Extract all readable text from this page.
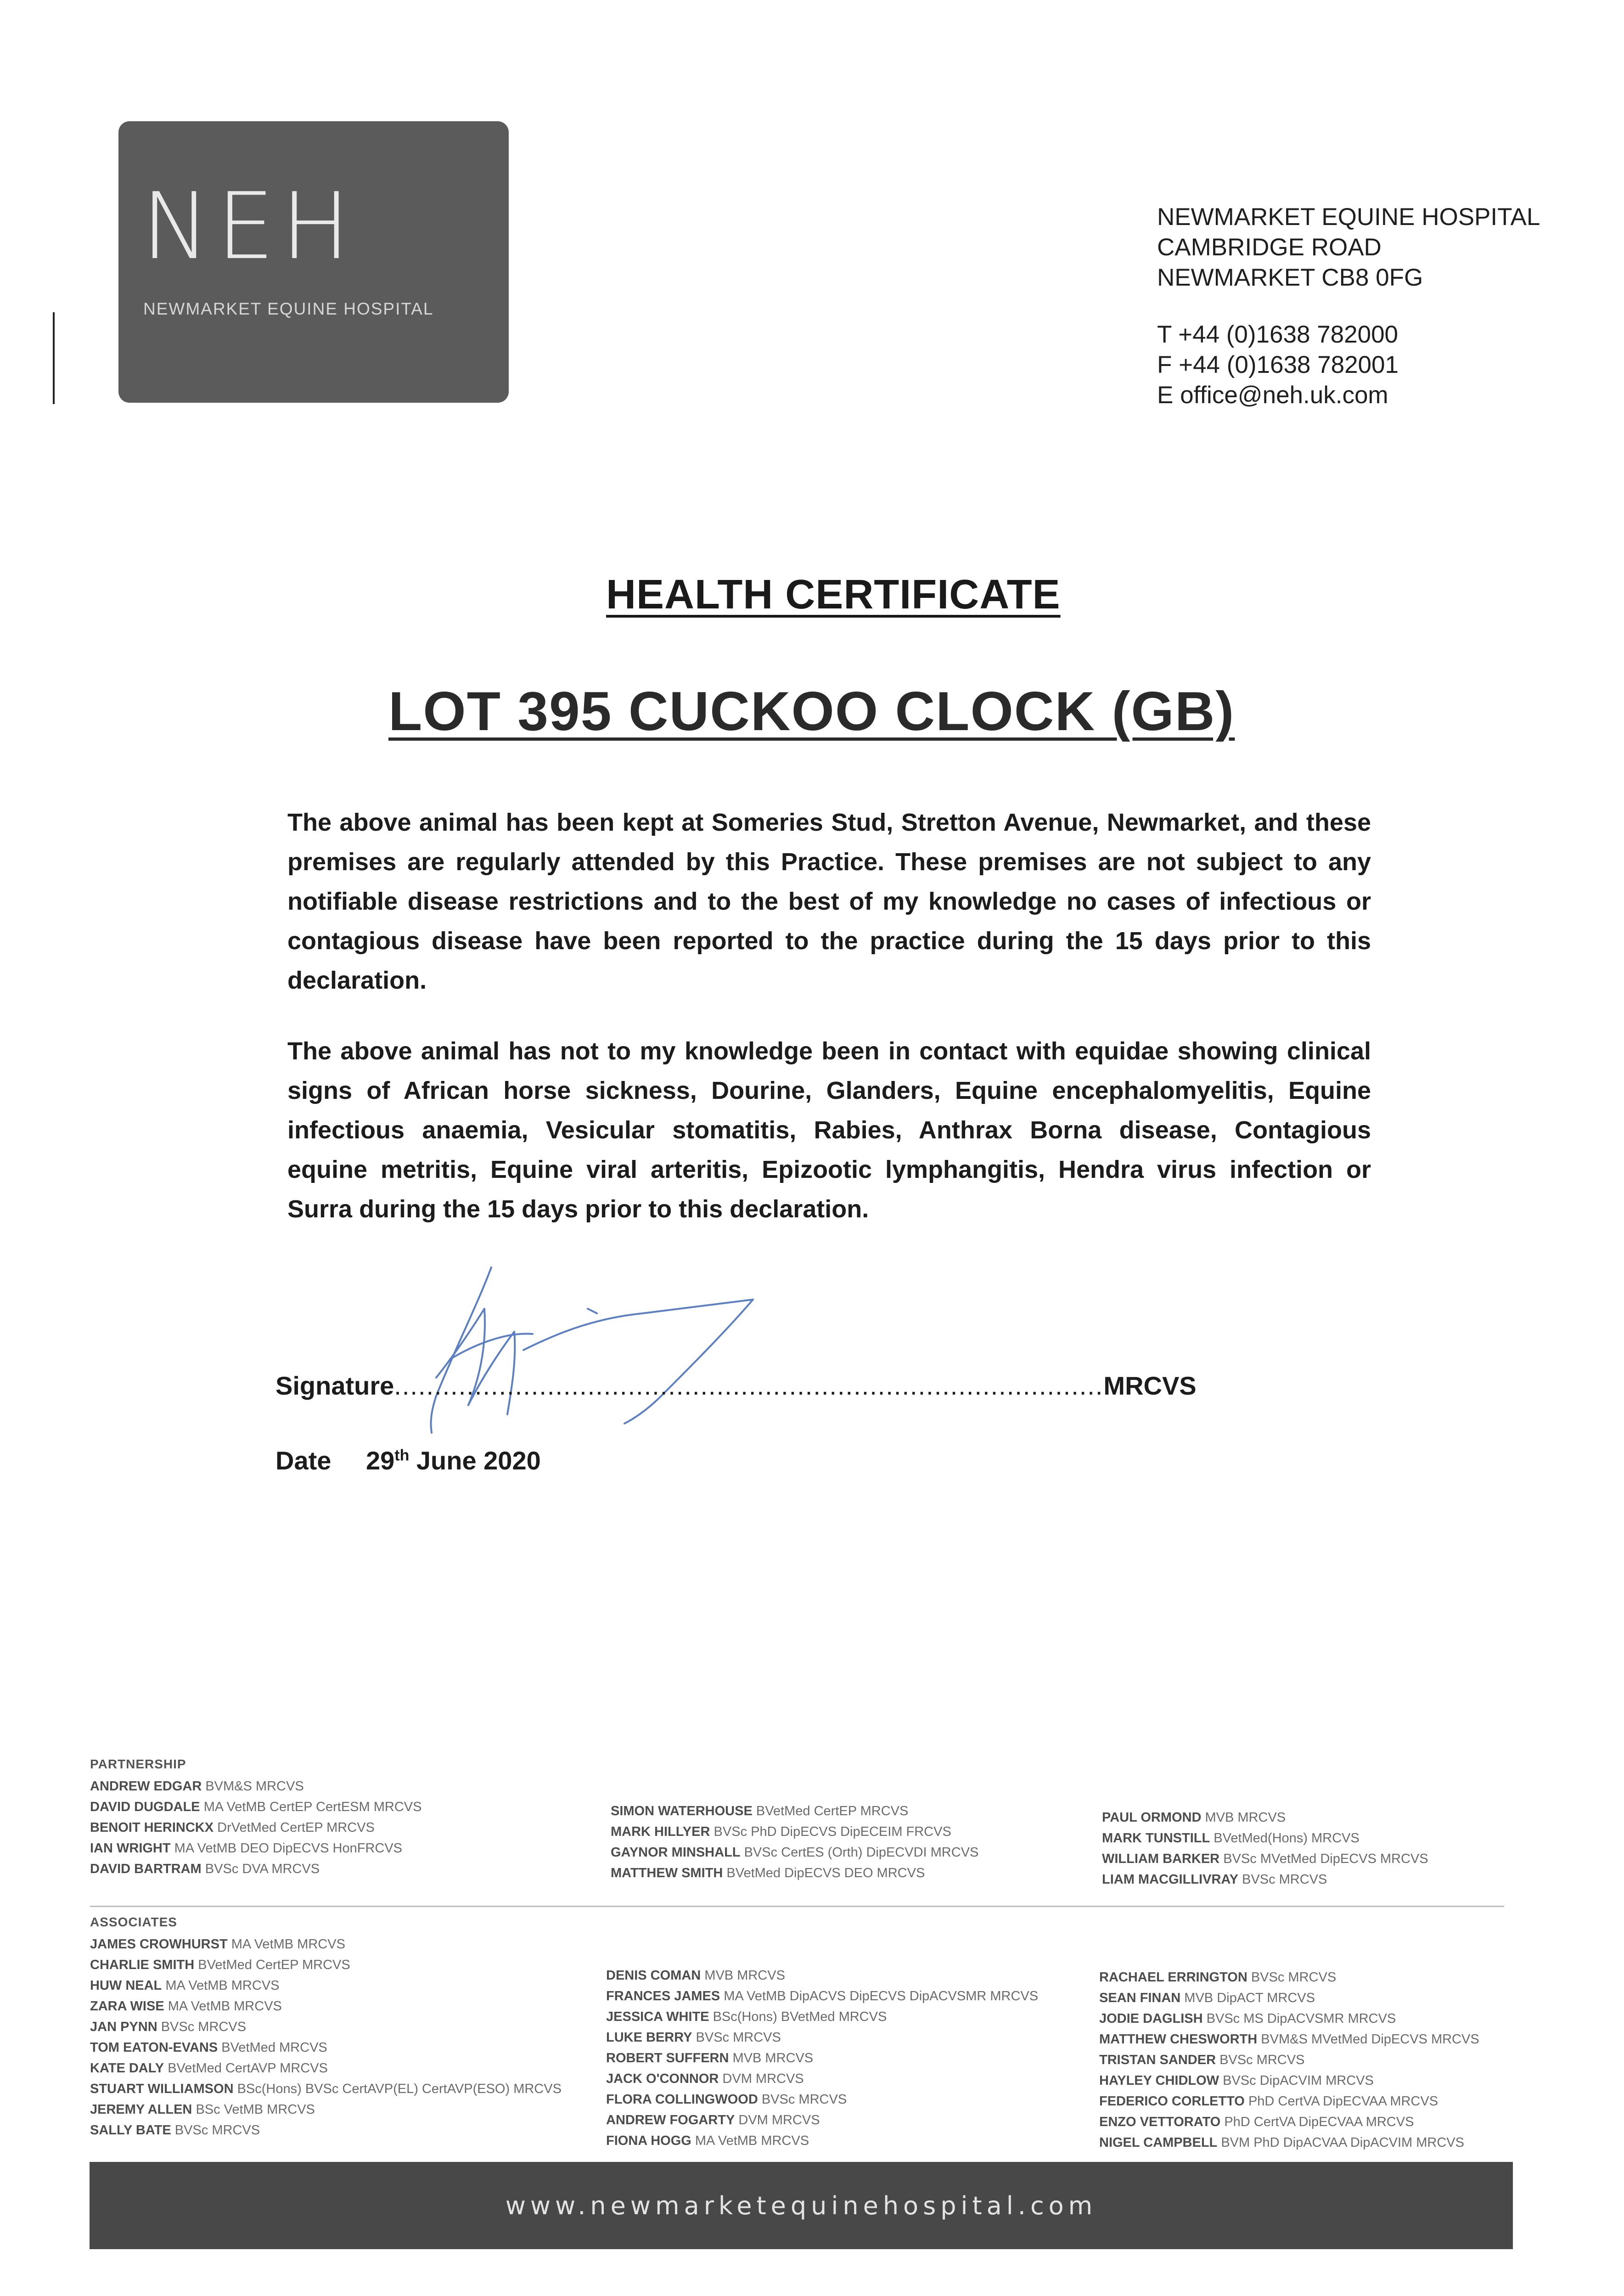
NEH
NEWMARKET EQUINE HOSPITAL
NEWMARKET EQUINE HOSPITAL
CAMBRIDGE ROAD
NEWMARKET CB8 0FG
T +44 (0)1638 782000
F +44 (0)1638 782001
E office@neh.uk.com
HEALTH CERTIFICATE
LOT 395 CUCKOO CLOCK (GB)
The above animal has been kept at Someries Stud, Stretton Avenue, Newmarket, and these premises are regularly attended by this Practice. These premises are not subject to any notifiable disease restrictions and to the best of my knowledge no cases of infectious or contagious disease have been reported to the practice during the 15 days prior to this declaration.
The above animal has not to my knowledge been in contact with equidae showing clinical signs of African horse sickness, Dourine, Glanders, Equine encephalomyelitis, Equine infectious anaemia, Vesicular stomatitis, Rabies, Anthrax Borna disease, Contagious equine metritis, Equine viral arteritis, Epizootic lymphangitis, Hendra virus infection or Surra during the 15 days prior to this declaration.
Signature........................................................................................MRCVS
Date 29th June 2020
PARTNERSHIP
ANDREW EDGAR BVM&S MRCVS
DAVID DUGDALE MA VetMB CertEP CertESM MRCVS
BENOIT HERINCKX DrVetMed CertEP MRCVS
IAN WRIGHT MA VetMB DEO DipECVS HonFRCVS
DAVID BARTRAM BVSc DVA MRCVS
SIMON WATERHOUSE BVetMed CertEP MRCVS
MARK HILLYER BVSc PhD DipECVS DipECEIM FRCVS
GAYNOR MINSHALL BVSc CertES (Orth) DipECVDI MRCVS
MATTHEW SMITH BVetMed DipECVS DEO MRCVS
PAUL ORMOND MVB MRCVS
MARK TUNSTILL BVetMed(Hons) MRCVS
WILLIAM BARKER BVSc MVetMed DipECVS MRCVS
LIAM MACGILLIVRAY BVSc MRCVS
ASSOCIATES
JAMES CROWHURST MA VetMB MRCVS
CHARLIE SMITH BVetMed CertEP MRCVS
HUW NEAL MA VetMB MRCVS
ZARA WISE MA VetMB MRCVS
JAN PYNN BVSc MRCVS
TOM EATON-EVANS BVetMed MRCVS
KATE DALY BVetMed CertAVP MRCVS
STUART WILLIAMSON BSc(Hons) BVSc CertAVP(EL) CertAVP(ESO) MRCVS
JEREMY ALLEN BSc VetMB MRCVS
SALLY BATE BVSc MRCVS
DENIS COMAN MVB MRCVS
FRANCES JAMES MA VetMB DipACVS DipECVS DipACVSMR MRCVS
JESSICA WHITE BSc(Hons) BVetMed MRCVS
LUKE BERRY BVSc MRCVS
ROBERT SUFFERN MVB MRCVS
JACK O'CONNOR DVM MRCVS
FLORA COLLINGWOOD BVSc MRCVS
ANDREW FOGARTY DVM MRCVS
FIONA HOGG MA VetMB MRCVS
RACHAEL ERRINGTON BVSc MRCVS
SEAN FINAN MVB DipACT MRCVS
JODIE DAGLISH BVSc MS DipACVSMR MRCVS
MATTHEW CHESWORTH BVM&S MVetMed DipECVS MRCVS
TRISTAN SANDER BVSc MRCVS
HAYLEY CHIDLOW BVSc DipACVIM MRCVS
FEDERICO CORLETTO PhD CertVA DipECVAA MRCVS
ENZO VETTORATO PhD CertVA DipECVAA MRCVS
NIGEL CAMPBELL BVM PhD DipACVAA DipACVIM MRCVS
www.newmarketequinehospital.com
